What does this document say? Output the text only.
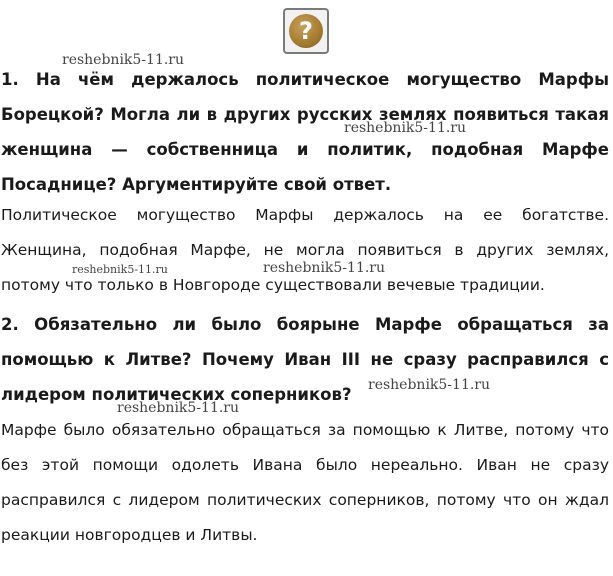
?

1. На чём держалось политическое могущество Марфы Борецкой? Могла ли в других русских землях появиться такая женщина — собственница и политик, подобная Марфе Посаднице? Аргументируйте свой ответ.

Политическое могущество Марфы держалось на ее богатстве. Женщина, подобная Марфе, не могла появиться в других землях, потому что только в Новгороде существовали вечевые традиции.

2. Обязательно ли было боярыне Марфе обращаться за помощью к Литве? Почему Иван III не сразу расправился с лидером политических соперников?

Марфе было обязательно обращаться за помощью к Литве, потому что без этой помощи одолеть Ивана было нереально. Иван не сразу расправился с лидером политических соперников, потому что он ждал реакции новгородцев и Литвы.

reshebnik5-11.ru
reshebnik5-11.ru
reshebnik5-11.ru	reshebnik5-11.ru
reshebnik5-11.ru
reshebnik5-11.ru
